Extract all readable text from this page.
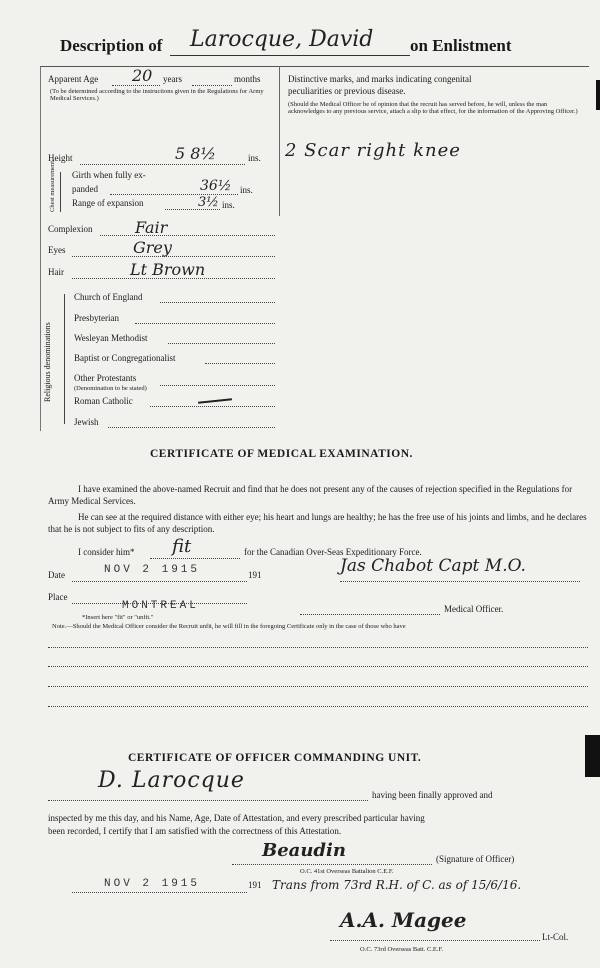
Description of Larocque, David on Enlistment
Apparent Age 20 years	months
(To be determined according to the instructions given in the Regulations for Army Medical Services.)
Distinctive marks, and marks indicating congenital
peculiarities or previous disease.
(Should the Medical Officer be of opinion that the recruit has served before, he will, unless the man acknowledges to any previous service, attach a slip to that effect, for the information of the Approving Officer.)
2 Scar right knee
Height	5 8½	ins.
Chest measurement. Girth when fully ex-
panded	36½ ins.
Range of expansion	3½ ins.
Complexion	Fair
Eyes	Grey
Hair	Lt Brown
Religious denominations
Church of England
Presbyterian
Wesleyan Methodist
Baptist or Congregationalist
Other Protestants
(Denomination to be stated)
Roman Catholic
Jewish
CERTIFICATE OF MEDICAL EXAMINATION.
I have examined the above-named Recruit and find that he does not present any of the causes of rejection specified in the Regulations for Army Medical Services.
He can see at the required distance with either eye; his heart and lungs are healthy; he has the free use of his joints and limbs, and he declares that he is not subject to fits of any description.
I consider him* fit	for the Canadian Over-Seas Expeditionary Force.
Date	NOV 2 1915	191	Jas Chabot Capt M.O.
Place
MONTREAL
*Insert here "fit" or "unfit."
Medical Officer.
Note.—Should the Medical Officer consider the Recruit unfit, he will fill in the foregoing Certificate only in the case of those who have
CERTIFICATE OF OFFICER COMMANDING UNIT.
D. Larocque
having been finally approved and
inspected by me this day, and his Name, Age, Date of Attestation, and every prescribed particular having
been recorded, I certify that I am satisfied with the correctness of this Attestation.
Beaudin	(Signature of Officer)
O.C. 41st Overseas Battalion C.E.F.
NOV 2 1915	191 Trans from 73rd R.H. of C. as of 15/6/16.
A.A. Magee
Lt-Col.
O.C. 73rd Overseas Batt. C.E.F.
